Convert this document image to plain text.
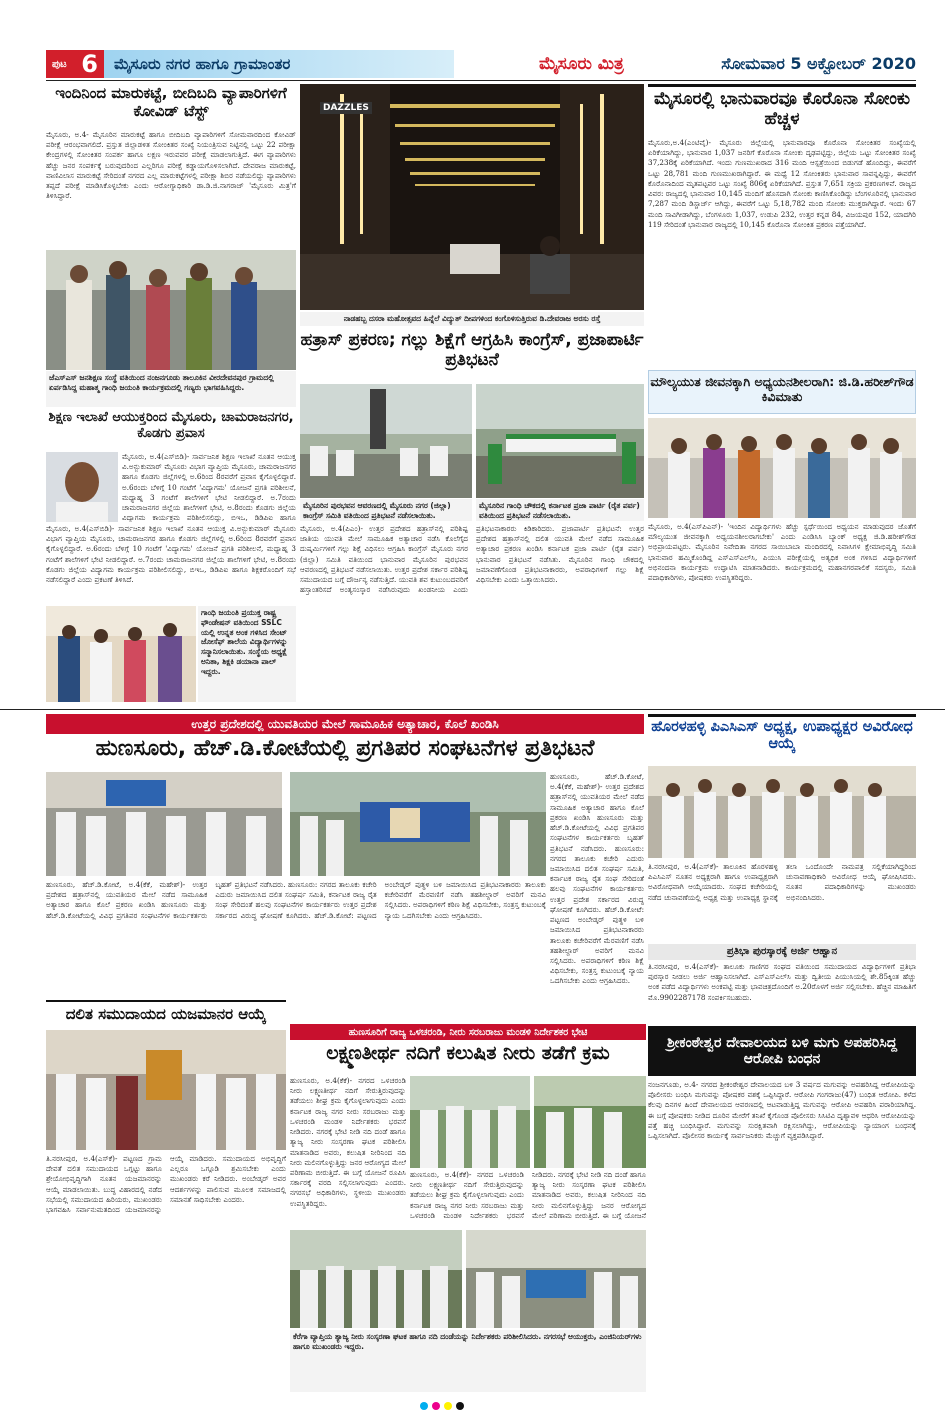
ಪುಟ 6	ಮೈಸೂರು ನಗರ ಹಾಗೂ ಗ್ರಾಮಾಂತರ	ಮೈಸೂರು ಮಿತ್ರ	ಸೋಮವಾರ 5 ಅಕ್ಟೋಬರ್ 2020
ಇಂದಿನಿಂದ ಮಾರುಕಟ್ಟೆ, ಬೀದಿಬದಿ ವ್ಯಾಪಾರಿಗಳಿಗೆ ಕೋವಿಡ್ ಟೆಸ್ಟ್
ಮೈಸೂರು, ಅ.4- ಮೈಸೂರಿನ ಮಾರುಕಟ್ಟೆ ಹಾಗೂ ಬೀದಿಬದಿ ವ್ಯಾಪಾರಿಗಳಿಗೆ ಸೋಮವಾರದಿಂದ ಕೋವಿಡ್ ಪರೀಕ್ಷೆ ಆರಂಭವಾಗಲಿದೆ. ಪ್ರಸ್ತುತ ಜಿಲ್ಲಾಡಳಿತ ಸೋಂಕಿತರ ಸಂಖ್ಯೆ ನಿಯಂತ್ರಿಸುವ ನಿಟ್ಟಿನಲ್ಲಿ ಒಟ್ಟು 22 ಪರೀಕ್ಷಾ ಕೇಂದ್ರಗಳಲ್ಲಿ ಸೋಂಕಿತರ ಸಂಪರ್ಕ ಹಾಗೂ ಲಕ್ಷಣ ಇರುವವರ ಪರೀಕ್ಷೆ ಮಾಡಲಾಗುತ್ತಿದೆ. ಈಗ ವ್ಯಾಪಾರಿಗಳು ಹೆಚ್ಚು ಜನರ ಸಂಪರ್ಕಕ್ಕೆ ಬರುವುದರಿಂದ ಎಲ್ಲರಿಗೂ ಪರೀಕ್ಷೆ ಕಡ್ಡಾಯಗೊಳಿಸಲಾಗಿದೆ. ದೇವರಾಜ ಮಾರುಕಟ್ಟೆ, ವಾಣಿವಿಲಾಸ ಮಾರುಕಟ್ಟೆ ಸೇರಿದಂತೆ ನಗರದ ಎಲ್ಲ ಮಾರುಕಟ್ಟೆಗಳಲ್ಲಿ ಪರೀಕ್ಷಾ ಶಿಬಿರ ನಡೆಯಲಿದ್ದು ವ್ಯಾಪಾರಿಗಳು ತಪ್ಪದೆ ಪರೀಕ್ಷೆ ಮಾಡಿಸಿಕೊಳ್ಳಬೇಕು ಎಂದು ಆರೋಗ್ಯಾಧಿಕಾರಿ ಡಾ.ಡಿ.ಜಿ.ನಾಗರಾಜ್ 'ಮೈಸೂರು ಮಿತ್ರ'ಗೆ ತಿಳಿಸಿದ್ದಾರೆ.
ಜೆಎಸ್ಎಸ್ ಜನಶಿಕ್ಷಣ ಸಂಸ್ಥೆ ವತಿಯಿಂದ ನಂಜನಗೂಡು ತಾಲೂಕಿನ ವೀರದೇವನಪುರ ಗ್ರಾಮದಲ್ಲಿ ಏರ್ಪಡಿಸಿದ್ದ ಮಹಾತ್ಮ ಗಾಂಧಿ ಜಯಂತಿ ಕಾರ್ಯಕ್ರಮದಲ್ಲಿ ಗಣ್ಯರು ಭಾಗವಹಿಸಿದ್ದರು.
ಶಿಕ್ಷಣ ಇಲಾಖೆ ಆಯುಕ್ತರಿಂದ ಮೈಸೂರು, ಚಾಮರಾಜನಗರ, ಕೊಡಗು ಪ್ರವಾಸ
ಮೈಸೂರು, ಅ.4(ಎಸ್‌ಬಿಡಿ)- ಸಾರ್ವಜನಿಕ ಶಿಕ್ಷಣ ಇಲಾಖೆ ನೂತನ ಆಯುಕ್ತ ವಿ.ಅನ್ಬುಕುಮಾರ್ ಮೈಸೂರು ವಿಭಾಗ ವ್ಯಾಪ್ತಿಯ ಮೈಸೂರು, ಚಾಮರಾಜನಗರ ಹಾಗೂ ಕೊಡಗು ಜಿಲ್ಲೆಗಳಲ್ಲಿ ಅ.6ರಿಂದ 8ರವರೆಗೆ ಪ್ರವಾಸ ಕೈಗೊಳ್ಳಲಿದ್ದಾರೆ. ಅ.6ರಂದು ಬೆಳಿಗ್ಗೆ 10 ಗಂಟೆಗೆ 'ವಿದ್ಯಾಗಮ' ಯೋಜನೆ ಪ್ರಗತಿ ಪರಿಶೀಲನೆ, ಮಧ್ಯಾಹ್ನ 3 ಗಂಟೆಗೆ ಶಾಲೆಗಳಿಗೆ ಭೇಟಿ ನೀಡಲಿದ್ದಾರೆ. ಅ.7ರಂದು ಚಾಮರಾಜನಗರ ಜಿಲ್ಲೆಯ ಶಾಲೆಗಳಿಗೆ ಭೇಟಿ, ಅ.8ರಂದು ಕೊಡಗು ಜಿಲ್ಲೆಯ ವಿದ್ಯಾಗಮ ಕಾರ್ಯಕ್ರಮ ಪರಿಶೀಲಿಸಲಿದ್ದು, ಬಿಇಒ, ಡಿಡಿಪಿಐ ಹಾಗೂ
ಮೈಸೂರು, ಅ.4(ಎಸ್‌ಬಿಡಿ)- ಸಾರ್ವಜನಿಕ ಶಿಕ್ಷಣ ಇಲಾಖೆ ನೂತನ ಆಯುಕ್ತ ವಿ.ಅನ್ಬುಕುಮಾರ್ ಮೈಸೂರು ವಿಭಾಗ ವ್ಯಾಪ್ತಿಯ ಮೈಸೂರು, ಚಾಮರಾಜನಗರ ಹಾಗೂ ಕೊಡಗು ಜಿಲ್ಲೆಗಳಲ್ಲಿ ಅ.6ರಿಂದ 8ರವರೆಗೆ ಪ್ರವಾಸ ಕೈಗೊಳ್ಳಲಿದ್ದಾರೆ. ಅ.6ರಂದು ಬೆಳಿಗ್ಗೆ 10 ಗಂಟೆಗೆ 'ವಿದ್ಯಾಗಮ' ಯೋಜನೆ ಪ್ರಗತಿ ಪರಿಶೀಲನೆ, ಮಧ್ಯಾಹ್ನ 3 ಗಂಟೆಗೆ ಶಾಲೆಗಳಿಗೆ ಭೇಟಿ ನೀಡಲಿದ್ದಾರೆ. ಅ.7ರಂದು ಚಾಮರಾಜನಗರ ಜಿಲ್ಲೆಯ ಶಾಲೆಗಳಿಗೆ ಭೇಟಿ, ಅ.8ರಂದು ಕೊಡಗು ಜಿಲ್ಲೆಯ ವಿದ್ಯಾಗಮ ಕಾರ್ಯಕ್ರಮ ಪರಿಶೀಲಿಸಲಿದ್ದು, ಬಿಇಒ, ಡಿಡಿಪಿಐ ಹಾಗೂ ಶಿಕ್ಷಕರೊಂದಿಗೆ ಸಭೆ ನಡೆಸಲಿದ್ದಾರೆ ಎಂದು ಪ್ರಕಟಣೆ ತಿಳಿಸಿದೆ.
ಗಾಂಧಿ ಜಯಂತಿ ಪ್ರಯುಕ್ತ ರಾಷ್ಟ್ರ ಫೌಂಡೇಷನ್ ವತಿಯಿಂದ SSLC ಯಲ್ಲಿ ಉನ್ನತ ಅಂಕ ಗಳಿಸಿದ ಸೇಂಟ್ ಜೋಸೆಫ್ ಶಾಲೆಯ ವಿದ್ಯಾರ್ಥಿಗಳನ್ನು ಸನ್ಮಾನಿಸಲಾಯಿತು. ಸಂಸ್ಥೆಯ ಅಧ್ಯಕ್ಷೆ ಅನಿತಾ, ಶಿಕ್ಷಕಿ ಡಯಾನಾ ಪಾಲ್ ಇದ್ದರು.
DAZZLES
ನಾಡಹಬ್ಬ ದಸರಾ ಮಹೋತ್ಸವದ ಹಿನ್ನೆಲೆ ವಿದ್ಯುತ್ ದೀಪಗಳಿಂದ ಕಂಗೊಳಿಸುತ್ತಿರುವ ಡಿ.ದೇವರಾಜ ಅರಸು ರಸ್ತೆ
ಹತ್ರಾಸ್ ಪ್ರಕರಣ; ಗಲ್ಲು ಶಿಕ್ಷೆಗೆ ಆಗ್ರಹಿಸಿ ಕಾಂಗ್ರೆಸ್, ಪ್ರಜಾಪಾರ್ಟಿ ಪ್ರತಿಭಟನೆ
ಮೈಸೂರಿನ ಪುರಭವನ ಆವರಣದಲ್ಲಿ ಮೈಸೂರು ನಗರ (ಜಿಲ್ಲಾ) ಕಾಂಗ್ರೆಸ್ ಸಮಿತಿ ವತಿಯಿಂದ ಪ್ರತಿಭಟನೆ ನಡೆಸಲಾಯಿತು.
ಮೈಸೂರಿನ ಗಾಂಧಿ ಚೌಕದಲ್ಲಿ ಕರ್ನಾಟಕ ಪ್ರಜಾ ಪಾರ್ಟಿ (ರೈತ ಪರ್ವ) ವತಿಯಿಂದ ಪ್ರತಿಭಟನೆ ನಡೆಸಲಾಯಿತು.
ಮೈಸೂರು, ಅ.4(ಪಿಎಂ)- ಉತ್ತರ ಪ್ರದೇಶದ ಹತ್ರಾಸ್‌ನಲ್ಲಿ ಪರಿಶಿಷ್ಟ ಜಾತಿಯ ಯುವತಿ ಮೇಲೆ ಸಾಮೂಹಿಕ ಅತ್ಯಾಚಾರ ನಡೆಸಿ ಕೊಲೆಗೈದ ದುಷ್ಕರ್ಮಿಗಳಿಗೆ ಗಲ್ಲು ಶಿಕ್ಷೆ ವಿಧಿಸಲು ಆಗ್ರಹಿಸಿ ಕಾಂಗ್ರೆಸ್ ಮೈಸೂರು ನಗರ (ಜಿಲ್ಲಾ) ಸಮಿತಿ ವತಿಯಿಂದ ಭಾನುವಾರ ಮೈಸೂರಿನ ಪುರಭವನ ಆವರಣದಲ್ಲಿ ಪ್ರತಿಭಟನೆ ನಡೆಸಲಾಯಿತು. ಉತ್ತರ ಪ್ರದೇಶ ಸರ್ಕಾರ ಪರಿಶಿಷ್ಟ ಸಮುದಾಯದ ಬಗ್ಗೆ ದೌರ್ಜನ್ಯ ನಡೆಸುತ್ತಿದೆ. ಯುವತಿ ಶವ ಕುಟುಂಬದವರಿಗೆ ಹಸ್ತಾಂತರಿಸದೆ ಅಂತ್ಯಸಂಸ್ಕಾರ ನಡೆಸಿರುವುದು ಖಂಡನೀಯ ಎಂದು ಪ್ರತಿಭಟನಾಕಾರರು ಕಿಡಿಕಾರಿದರು. ಪ್ರಜಾಪಾರ್ಟಿ ಪ್ರತಿಭಟನೆ: ಉತ್ತರ ಪ್ರದೇಶದ ಹತ್ರಾಸ್‌ನಲ್ಲಿ ದಲಿತ ಯುವತಿ ಮೇಲೆ ನಡೆದ ಸಾಮೂಹಿಕ ಅತ್ಯಾಚಾರ ಪ್ರಕರಣ ಖಂಡಿಸಿ ಕರ್ನಾಟಕ ಪ್ರಜಾ ಪಾರ್ಟಿ (ರೈತ ಪರ್ವ) ಭಾನುವಾರ ಪ್ರತಿಭಟನೆ ನಡೆಸಿತು. ಮೈಸೂರಿನ ಗಾಂಧಿ ಚೌಕದಲ್ಲಿ ಜಮಾವಣೆಗೊಂಡ ಪ್ರತಿಭಟನಾಕಾರರು, ಅಪರಾಧಿಗಳಿಗೆ ಗಲ್ಲು ಶಿಕ್ಷೆ ವಿಧಿಸಬೇಕು ಎಂದು ಒತ್ತಾಯಿಸಿದರು.
ಮೈಸೂರಲ್ಲಿ ಭಾನುವಾರವೂ ಕೊರೊನಾ ಸೋಂಕು ಹೆಚ್ಚಳ
ಮೈಸೂರು,ಅ.4(ಎಂಟಿವೈ)- ಮೈಸೂರು ಜಿಲ್ಲೆಯಲ್ಲಿ ಭಾನುವಾರವೂ ಕೊರೊನಾ ಸೋಂಕಿತರ ಸಂಖ್ಯೆಯಲ್ಲಿ ಏರಿಕೆಯಾಗಿದ್ದು, ಭಾನುವಾರ 1,037 ಜನರಿಗೆ ಕೊರೊನಾ ಸೋಂಕು ದೃಢಪಟ್ಟಿದ್ದು, ಜಿಲ್ಲೆಯ ಒಟ್ಟು ಸೋಂಕಿತರ ಸಂಖ್ಯೆ 37,238ಕ್ಕೆ ಏರಿಕೆಯಾಗಿದೆ. ಇಂದು ಗುಣಮುಖರಾದ 316 ಮಂದಿ ಆಸ್ಪತ್ರೆಯಿಂದ ಬಿಡುಗಡೆ ಹೊಂದಿದ್ದು, ಈವರೆಗೆ ಒಟ್ಟು 28,781 ಮಂದಿ ಗುಣಮುಖರಾಗಿದ್ದಾರೆ. ಈ ಮಧ್ಯೆ 12 ಸೋಂಕಿತರು ಭಾನುವಾರ ಸಾವನ್ನಪ್ಪಿದ್ದು, ಈವರೆಗೆ ಕೊರೊನಾದಿಂದ ಮೃತಪಟ್ಟವರ ಒಟ್ಟು ಸಂಖ್ಯೆ 806ಕ್ಕೆ ಏರಿಕೆಯಾಗಿದೆ. ಪ್ರಸ್ತುತ 7,651 ಸಕ್ರಿಯ ಪ್ರಕರಣಗಳಿವೆ. ರಾಜ್ಯದ ವಿವರ: ರಾಜ್ಯದಲ್ಲಿ ಭಾನುವಾರ 10,145 ಮಂದಿಗೆ ಹೊಸದಾಗಿ ಸೋಂಕು ಕಾಣಿಸಿಕೊಂಡಿದ್ದು ಬೆಂಗಳೂರಿನಲ್ಲಿ ಭಾನುವಾರ 7,287 ಮಂದಿ ಡಿಸ್ಚಾರ್ಜ್ ಆಗಿದ್ದು, ಈವರೆಗೆ ಒಟ್ಟು 5,18,782 ಮಂದಿ ಸೋಂಕು ಮುಕ್ತರಾಗಿದ್ದಾರೆ. ಇಂದು 67 ಮಂದಿ ಸಾವಿಗೀಡಾಗಿದ್ದು, ಬೆಂಗಳೂರು 1,037, ಉಡುಪಿ 232, ಉತ್ತರ ಕನ್ನಡ 84, ವಿಜಯಪುರ 152, ಯಾದಗಿರಿ 119 ಸೇರಿದಂತೆ ಭಾನುವಾರ ರಾಜ್ಯದಲ್ಲಿ 10,145 ಕೊರೊನಾ ಸೋಂಕಿತ ಪ್ರಕರಣ ಪತ್ತೆಯಾಗಿದೆ.
ಮೌಲ್ಯಯುತ ಜೀವನಕ್ಕಾಗಿ ಅಧ್ಯಯನಶೀಲರಾಗಿ: ಜಿ.ಡಿ.ಹರೀಶ್‌ಗೌಡ ಕಿವಿಮಾತು
ಮೈಸೂರು, ಅ.4(ಎಸ್‌ಪಿಎನ್)- 'ಇಂದಿನ ವಿದ್ಯಾರ್ಥಿಗಳು ಹೆಚ್ಚು ಸ್ಪರ್ಧೆಯಿಂದ ಅಧ್ಯಯನ ಮಾಡುವುದರ ಜೊತೆಗೆ ಮೌಲ್ಯಯುತ ಜೀವನಕ್ಕಾಗಿ ಅಧ್ಯಯನಶೀಲರಾಗಬೇಕು' ಎಂದು ಎಂಡಿಸಿಸಿ ಬ್ಯಾಂಕ್ ಅಧ್ಯಕ್ಷ ಜಿ.ಡಿ.ಹರೀಶ್‌ಗೌಡ ಅಭಿಪ್ರಾಯಪಟ್ಟರು. ಮೈಸೂರಿನ ನಿವೇದಿತಾ ನಗರದ ಸಾಯಿಬಾಬಾ ಮಂದಿರದಲ್ಲಿ ನಿವಾಸಿಗಳ ಕ್ಷೇಮಾಭಿವೃದ್ಧಿ ಸಮಿತಿ ಭಾನುವಾರ ಹಮ್ಮಿಕೊಂಡಿದ್ದ ಎಸ್‌ಎಸ್‌ಎಲ್‌ಸಿ, ಪಿಯುಸಿ ಪರೀಕ್ಷೆಯಲ್ಲಿ ಅತ್ಯಧಿಕ ಅಂಕ ಗಳಿಸಿದ ವಿದ್ಯಾರ್ಥಿಗಳಿಗೆ ಅಭಿನಂದನಾ ಕಾರ್ಯಕ್ರಮ ಉದ್ಘಾಟಿಸಿ ಮಾತನಾಡಿದರು. ಕಾರ್ಯಕ್ರಮದಲ್ಲಿ ಮಹಾನಗರಪಾಲಿಕೆ ಸದಸ್ಯರು, ಸಮಿತಿ ಪದಾಧಿಕಾರಿಗಳು, ಪೋಷಕರು ಉಪಸ್ಥಿತರಿದ್ದರು.
ಉತ್ತರ ಪ್ರದೇಶದಲ್ಲಿ ಯುವತಿಯರ ಮೇಲೆ ಸಾಮೂಹಿಕ ಅತ್ಯಾಚಾರ, ಕೊಲೆ ಖಂಡಿಸಿ
ಹುಣಸೂರು, ಹೆಚ್.ಡಿ.ಕೋಟೆಯಲ್ಲಿ ಪ್ರಗತಿಪರ ಸಂಘಟನೆಗಳ ಪ್ರತಿಭಟನೆ
ಹುಣಸೂರು, ಹೆಚ್.ಡಿ.ಕೋಟೆ, ಅ.4(ಕೆಕೆ, ಮಹೇಶ್)- ಉತ್ತರ ಪ್ರದೇಶದ ಹತ್ರಾಸ್‌ನಲ್ಲಿ ಯುವತಿಯರ ಮೇಲೆ ನಡೆದ ಸಾಮೂಹಿಕ ಅತ್ಯಾಚಾರ ಹಾಗೂ ಕೊಲೆ ಪ್ರಕರಣ ಖಂಡಿಸಿ ಹುಣಸೂರು ಮತ್ತು ಹೆಚ್.ಡಿ.ಕೋಟೆಯಲ್ಲಿ ವಿವಿಧ ಪ್ರಗತಿಪರ ಸಂಘಟನೆಗಳ ಕಾರ್ಯಕರ್ತರು ಬೃಹತ್ ಪ್ರತಿಭಟನೆ ನಡೆಸಿದರು. ಹುಣಸೂರು: ನಗರದ ತಾಲೂಕು ಕಚೇರಿ ಎದುರು ಜಮಾಯಿಸಿದ ದಲಿತ ಸಂಘರ್ಷ ಸಮಿತಿ, ಕರ್ನಾಟಕ ರಾಜ್ಯ ರೈತ ಸಂಘ ಸೇರಿದಂತೆ ಹಲವು ಸಂಘಟನೆಗಳ ಕಾರ್ಯಕರ್ತರು ಉತ್ತರ ಪ್ರದೇಶ ಸರ್ಕಾರದ ವಿರುದ್ಧ ಘೋಷಣೆ ಕೂಗಿದರು. ಹೆಚ್.ಡಿ.ಕೋಟೆ: ಪಟ್ಟಣದ ಅಂಬೇಡ್ಕರ್ ಪುತ್ಥಳಿ ಬಳಿ ಜಮಾಯಿಸಿದ ಪ್ರತಿಭಟನಾಕಾರರು ತಾಲೂಕು ಕಚೇರಿವರೆಗೆ ಮೆರವಣಿಗೆ ನಡೆಸಿ ತಹಶೀಲ್ದಾರ್ ಅವರಿಗೆ ಮನವಿ ಸಲ್ಲಿಸಿದರು. ಅಪರಾಧಿಗಳಿಗೆ ಕಠಿಣ ಶಿಕ್ಷೆ ವಿಧಿಸಬೇಕು, ಸಂತ್ರಸ್ತ ಕುಟುಂಬಕ್ಕೆ ನ್ಯಾಯ ಒದಗಿಸಬೇಕು ಎಂದು ಆಗ್ರಹಿಸಿದರು.
ಹುಣಸೂರು, ಹೆಚ್.ಡಿ.ಕೋಟೆ, ಅ.4(ಕೆಕೆ, ಮಹೇಶ್)- ಉತ್ತರ ಪ್ರದೇಶದ ಹತ್ರಾಸ್‌ನಲ್ಲಿ ಯುವತಿಯರ ಮೇಲೆ ನಡೆದ ಸಾಮೂಹಿಕ ಅತ್ಯಾಚಾರ ಹಾಗೂ ಕೊಲೆ ಪ್ರಕರಣ ಖಂಡಿಸಿ ಹುಣಸೂರು ಮತ್ತು ಹೆಚ್.ಡಿ.ಕೋಟೆಯಲ್ಲಿ ವಿವಿಧ ಪ್ರಗತಿಪರ ಸಂಘಟನೆಗಳ ಕಾರ್ಯಕರ್ತರು ಬೃಹತ್ ಪ್ರತಿಭಟನೆ ನಡೆಸಿದರು. ಹುಣಸೂರು: ನಗರದ ತಾಲೂಕು ಕಚೇರಿ ಎದುರು ಜಮಾಯಿಸಿದ ದಲಿತ ಸಂಘರ್ಷ ಸಮಿತಿ, ಕರ್ನಾಟಕ ರಾಜ್ಯ ರೈತ ಸಂಘ ಸೇರಿದಂತೆ ಹಲವು ಸಂಘಟನೆಗಳ ಕಾರ್ಯಕರ್ತರು ಉತ್ತರ ಪ್ರದೇಶ ಸರ್ಕಾರದ ವಿರುದ್ಧ ಘೋಷಣೆ ಕೂಗಿದರು. ಹೆಚ್.ಡಿ.ಕೋಟೆ: ಪಟ್ಟಣದ ಅಂಬೇಡ್ಕರ್ ಪುತ್ಥಳಿ ಬಳಿ ಜಮಾಯಿಸಿದ ಪ್ರತಿಭಟನಾಕಾರರು ತಾಲೂಕು ಕಚೇರಿವರೆಗೆ ಮೆರವಣಿಗೆ ನಡೆಸಿ ತಹಶೀಲ್ದಾರ್ ಅವರಿಗೆ ಮನವಿ ಸಲ್ಲಿಸಿದರು. ಅಪರಾಧಿಗಳಿಗೆ ಕಠಿಣ ಶಿಕ್ಷೆ ವಿಧಿಸಬೇಕು, ಸಂತ್ರಸ್ತ ಕುಟುಂಬಕ್ಕೆ ನ್ಯಾಯ ಒದಗಿಸಬೇಕು ಎಂದು ಆಗ್ರಹಿಸಿದರು.
ಹೊರಳಹಳ್ಳಿ ಪಿಎಸಿಎಸ್ ಅಧ್ಯಕ್ಷ, ಉಪಾಧ್ಯಕ್ಷರ ಅವಿರೋಧ ಆಯ್ಕೆ
ತಿ.ನರಸೀಪುರ, ಅ.4(ಎಸ್‌ಕೆ)- ತಾಲೂಕಿನ ಹೊರಳಹಳ್ಳಿ ಪಿಎಸಿಎಸ್ ನೂತನ ಅಧ್ಯಕ್ಷರಾಗಿ ಹಾಗೂ ಉಪಾಧ್ಯಕ್ಷರಾಗಿ ಅವಿರೋಧವಾಗಿ ಆಯ್ಕೆಯಾದರು. ಸಂಘದ ಕಚೇರಿಯಲ್ಲಿ ನಡೆದ ಚುನಾವಣೆಯಲ್ಲಿ ಅಧ್ಯಕ್ಷ ಮತ್ತು ಉಪಾಧ್ಯಕ್ಷ ಸ್ಥಾನಕ್ಕೆ ತಲಾ ಒಂದೊಂದೇ ನಾಮಪತ್ರ ಸಲ್ಲಿಕೆಯಾಗಿದ್ದರಿಂದ ಚುನಾವಣಾಧಿಕಾರಿ ಅವಿರೋಧ ಆಯ್ಕೆ ಘೋಷಿಸಿದರು. ನೂತನ ಪದಾಧಿಕಾರಿಗಳನ್ನು ಮುಖಂಡರು ಅಭಿನಂದಿಸಿದರು.
ಪ್ರತಿಭಾ ಪುರಸ್ಕಾರಕ್ಕೆ ಅರ್ಜಿ ಆಹ್ವಾನ
ತಿ.ನರಸೀಪುರ, ಅ.4(ಎಸ್‌ಕೆ)- ತಾಲೂಕು ಗಾಣಿಗರ ಸಂಘದ ವತಿಯಿಂದ ಸಮುದಾಯದ ವಿದ್ಯಾರ್ಥಿಗಳಿಗೆ ಪ್ರತಿಭಾ ಪುರಸ್ಕಾರ ನೀಡಲು ಅರ್ಜಿ ಆಹ್ವಾನಿಸಲಾಗಿದೆ. ಎಸ್‌ಎಸ್‌ಎಲ್‌ಸಿ ಮತ್ತು ದ್ವಿತೀಯ ಪಿಯುಸಿಯಲ್ಲಿ ಶೇ.85ಕ್ಕಿಂತ ಹೆಚ್ಚು ಅಂಕ ಪಡೆದ ವಿದ್ಯಾರ್ಥಿಗಳು ಅಂಕಪಟ್ಟಿ ಮತ್ತು ಭಾವಚಿತ್ರದೊಂದಿಗೆ ಅ.20ರೊಳಗೆ ಅರ್ಜಿ ಸಲ್ಲಿಸಬೇಕು. ಹೆಚ್ಚಿನ ಮಾಹಿತಿಗೆ ಮೊ.9902287178 ಸಂಪರ್ಕಿಸಬಹುದು.
ದಲಿತ ಸಮುದಾಯದ ಯಜಮಾನರ ಆಯ್ಕೆ
ತಿ.ನರಸೀಪುರ, ಅ.4(ಎಸ್‌ಕೆ)- ಪಟ್ಟಣದ ಗ್ರಾಮ ದೇವತೆ ದಲಿತ ಸಮುದಾಯದ ಒಗ್ಗಟ್ಟು ಹಾಗೂ ಶ್ರೇಯೋಭಿವೃದ್ಧಿಗಾಗಿ ನೂತನ ಯಜಮಾನರನ್ನು ಆಯ್ಕೆ ಮಾಡಲಾಯಿತು. ಬುದ್ಧ ವಿಹಾರದಲ್ಲಿ ನಡೆದ ಸಭೆಯಲ್ಲಿ ಸಮುದಾಯದ ಹಿರಿಯರು, ಮುಖಂಡರು ಭಾಗವಹಿಸಿ ಸರ್ವಾನುಮತದಿಂದ ಯಜಮಾನರನ್ನು ಆಯ್ಕೆ ಮಾಡಿದರು. ಸಮುದಾಯದ ಅಭಿವೃದ್ಧಿಗೆ ಎಲ್ಲರೂ ಒಗ್ಗೂಡಿ ಶ್ರಮಿಸಬೇಕು ಎಂದು ಮುಖಂಡರು ಕರೆ ನೀಡಿದರು. ಅಂಬೇಡ್ಕರ್ ಅವರ ಆದರ್ಶಗಳನ್ನು ಪಾಲಿಸುವ ಮೂಲಕ ಸಮಾಜದಲ್ಲಿ ಸಮಾನತೆ ಸಾಧಿಸಬೇಕು ಎಂದರು.
ಹುಣಸೂರಿಗೆ ರಾಜ್ಯ ಒಳಚರಂಡಿ, ನೀರು ಸರಬರಾಜು ಮಂಡಳಿ ನಿರ್ದೇಶಕರ ಭೇಟಿ
ಲಕ್ಷ್ಮಣತೀರ್ಥ ನದಿಗೆ ಕಲುಷಿತ ನೀರು ತಡೆಗೆ ಕ್ರಮ
ಹುಣಸೂರು, ಅ.4(ಕೆಕೆ)- ನಗರದ ಒಳಚರಂಡಿ ನೀರು ಲಕ್ಷ್ಮಣತೀರ್ಥ ನದಿಗೆ ಸೇರುತ್ತಿರುವುದನ್ನು ತಡೆಯಲು ಶೀಘ್ರ ಕ್ರಮ ಕೈಗೊಳ್ಳಲಾಗುವುದು ಎಂದು ಕರ್ನಾಟಕ ರಾಜ್ಯ ನಗರ ನೀರು ಸರಬರಾಜು ಮತ್ತು ಒಳಚರಂಡಿ ಮಂಡಳಿ ನಿರ್ದೇಶಕರು ಭರವಸೆ ನೀಡಿದರು. ನಗರಕ್ಕೆ ಭೇಟಿ ನೀಡಿ ನದಿ ದಂಡೆ ಹಾಗೂ ತ್ಯಾಜ್ಯ ನೀರು ಸಂಸ್ಕರಣಾ ಘಟಕ ಪರಿಶೀಲಿಸಿ ಮಾತನಾಡಿದ ಅವರು, ಕಲುಷಿತ ನೀರಿನಿಂದ ನದಿ ನೀರು ಮಲಿನಗೊಳ್ಳುತ್ತಿದ್ದು ಜನರ ಆರೋಗ್ಯದ ಮೇಲೆ ಪರಿಣಾಮ ಬೀರುತ್ತಿದೆ. ಈ ಬಗ್ಗೆ ಯೋಜನೆ ರೂಪಿಸಿ ಸರ್ಕಾರಕ್ಕೆ ವರದಿ ಸಲ್ಲಿಸಲಾಗುವುದು ಎಂದರು. ನಗರಸಭೆ ಅಧಿಕಾರಿಗಳು, ಸ್ಥಳೀಯ ಮುಖಂಡರು ಉಪಸ್ಥಿತರಿದ್ದರು.
ಹುಣಸೂರು, ಅ.4(ಕೆಕೆ)- ನಗರದ ಒಳಚರಂಡಿ ನೀರು ಲಕ್ಷ್ಮಣತೀರ್ಥ ನದಿಗೆ ಸೇರುತ್ತಿರುವುದನ್ನು ತಡೆಯಲು ಶೀಘ್ರ ಕ್ರಮ ಕೈಗೊಳ್ಳಲಾಗುವುದು ಎಂದು ಕರ್ನಾಟಕ ರಾಜ್ಯ ನಗರ ನೀರು ಸರಬರಾಜು ಮತ್ತು ಒಳಚರಂಡಿ ಮಂಡಳಿ ನಿರ್ದೇಶಕರು ಭರವಸೆ ನೀಡಿದರು. ನಗರಕ್ಕೆ ಭೇಟಿ ನೀಡಿ ನದಿ ದಂಡೆ ಹಾಗೂ ತ್ಯಾಜ್ಯ ನೀರು ಸಂಸ್ಕರಣಾ ಘಟಕ ಪರಿಶೀಲಿಸಿ ಮಾತನಾಡಿದ ಅವರು, ಕಲುಷಿತ ನೀರಿನಿಂದ ನದಿ ನೀರು ಮಲಿನಗೊಳ್ಳುತ್ತಿದ್ದು ಜನರ ಆರೋಗ್ಯದ ಮೇಲೆ ಪರಿಣಾಮ ಬೀರುತ್ತಿದೆ. ಈ ಬಗ್ಗೆ ಯೋಜನೆ
ಕೆರೆಗಾ ವ್ಯಾಪ್ತಿಯ ತ್ಯಾಜ್ಯ ನೀರು ಸಂಸ್ಕರಣಾ ಘಟಕ ಹಾಗೂ ನದಿ ದಂಡೆಯನ್ನು ನಿರ್ದೇಶಕರು ಪರಿಶೀಲಿಸಿದರು. ನಗರಸಭೆ ಆಯುಕ್ತರು, ಎಂಜಿನಿಯರ್‌ಗಳು ಹಾಗೂ ಮುಖಂಡರು ಇದ್ದರು.
ಶ್ರೀಕಂಠೇಶ್ವರ ದೇವಾಲಯದ ಬಳಿ ಮಗು ಅಪಹರಿಸಿದ್ದ ಆರೋಪಿ ಬಂಧನ
ನಂಜನಗೂಡು, ಅ.4- ನಗರದ ಶ್ರೀಕಂಠೇಶ್ವರ ದೇವಾಲಯದ ಬಳಿ 3 ವರ್ಷದ ಮಗುವನ್ನು ಅಪಹರಿಸಿದ್ದ ಆರೋಪಿಯನ್ನು ಪೊಲೀಸರು ಬಂಧಿಸಿ ಮಗುವನ್ನು ಪೋಷಕರ ವಶಕ್ಕೆ ಒಪ್ಪಿಸಿದ್ದಾರೆ. ಆರೋಪಿ ಗಂಗರಾಜು(47) ಬಂಧಿತ ಆರೋಪಿ. ಕಳೆದ ಕೆಲವು ದಿನಗಳ ಹಿಂದೆ ದೇವಾಲಯದ ಆವರಣದಲ್ಲಿ ಆಟವಾಡುತ್ತಿದ್ದ ಮಗುವನ್ನು ಆರೋಪಿ ಅಪಹರಿಸಿ ಪರಾರಿಯಾಗಿದ್ದ. ಈ ಬಗ್ಗೆ ಪೋಷಕರು ನೀಡಿದ ದೂರಿನ ಮೇರೆಗೆ ತನಿಖೆ ಕೈಗೊಂಡ ಪೊಲೀಸರು ಸಿಸಿಟಿವಿ ದೃಶ್ಯಾವಳಿ ಆಧರಿಸಿ ಆರೋಪಿಯನ್ನು ಪತ್ತೆ ಹಚ್ಚಿ ಬಂಧಿಸಿದ್ದಾರೆ. ಮಗುವನ್ನು ಸುರಕ್ಷಿತವಾಗಿ ರಕ್ಷಿಸಲಾಗಿದ್ದು, ಆರೋಪಿಯನ್ನು ನ್ಯಾಯಾಂಗ ಬಂಧನಕ್ಕೆ ಒಪ್ಪಿಸಲಾಗಿದೆ. ಪೊಲೀಸರ ಕಾರ್ಯಕ್ಕೆ ಸಾರ್ವಜನಿಕರು ಮೆಚ್ಚುಗೆ ವ್ಯಕ್ತಪಡಿಸಿದ್ದಾರೆ.
